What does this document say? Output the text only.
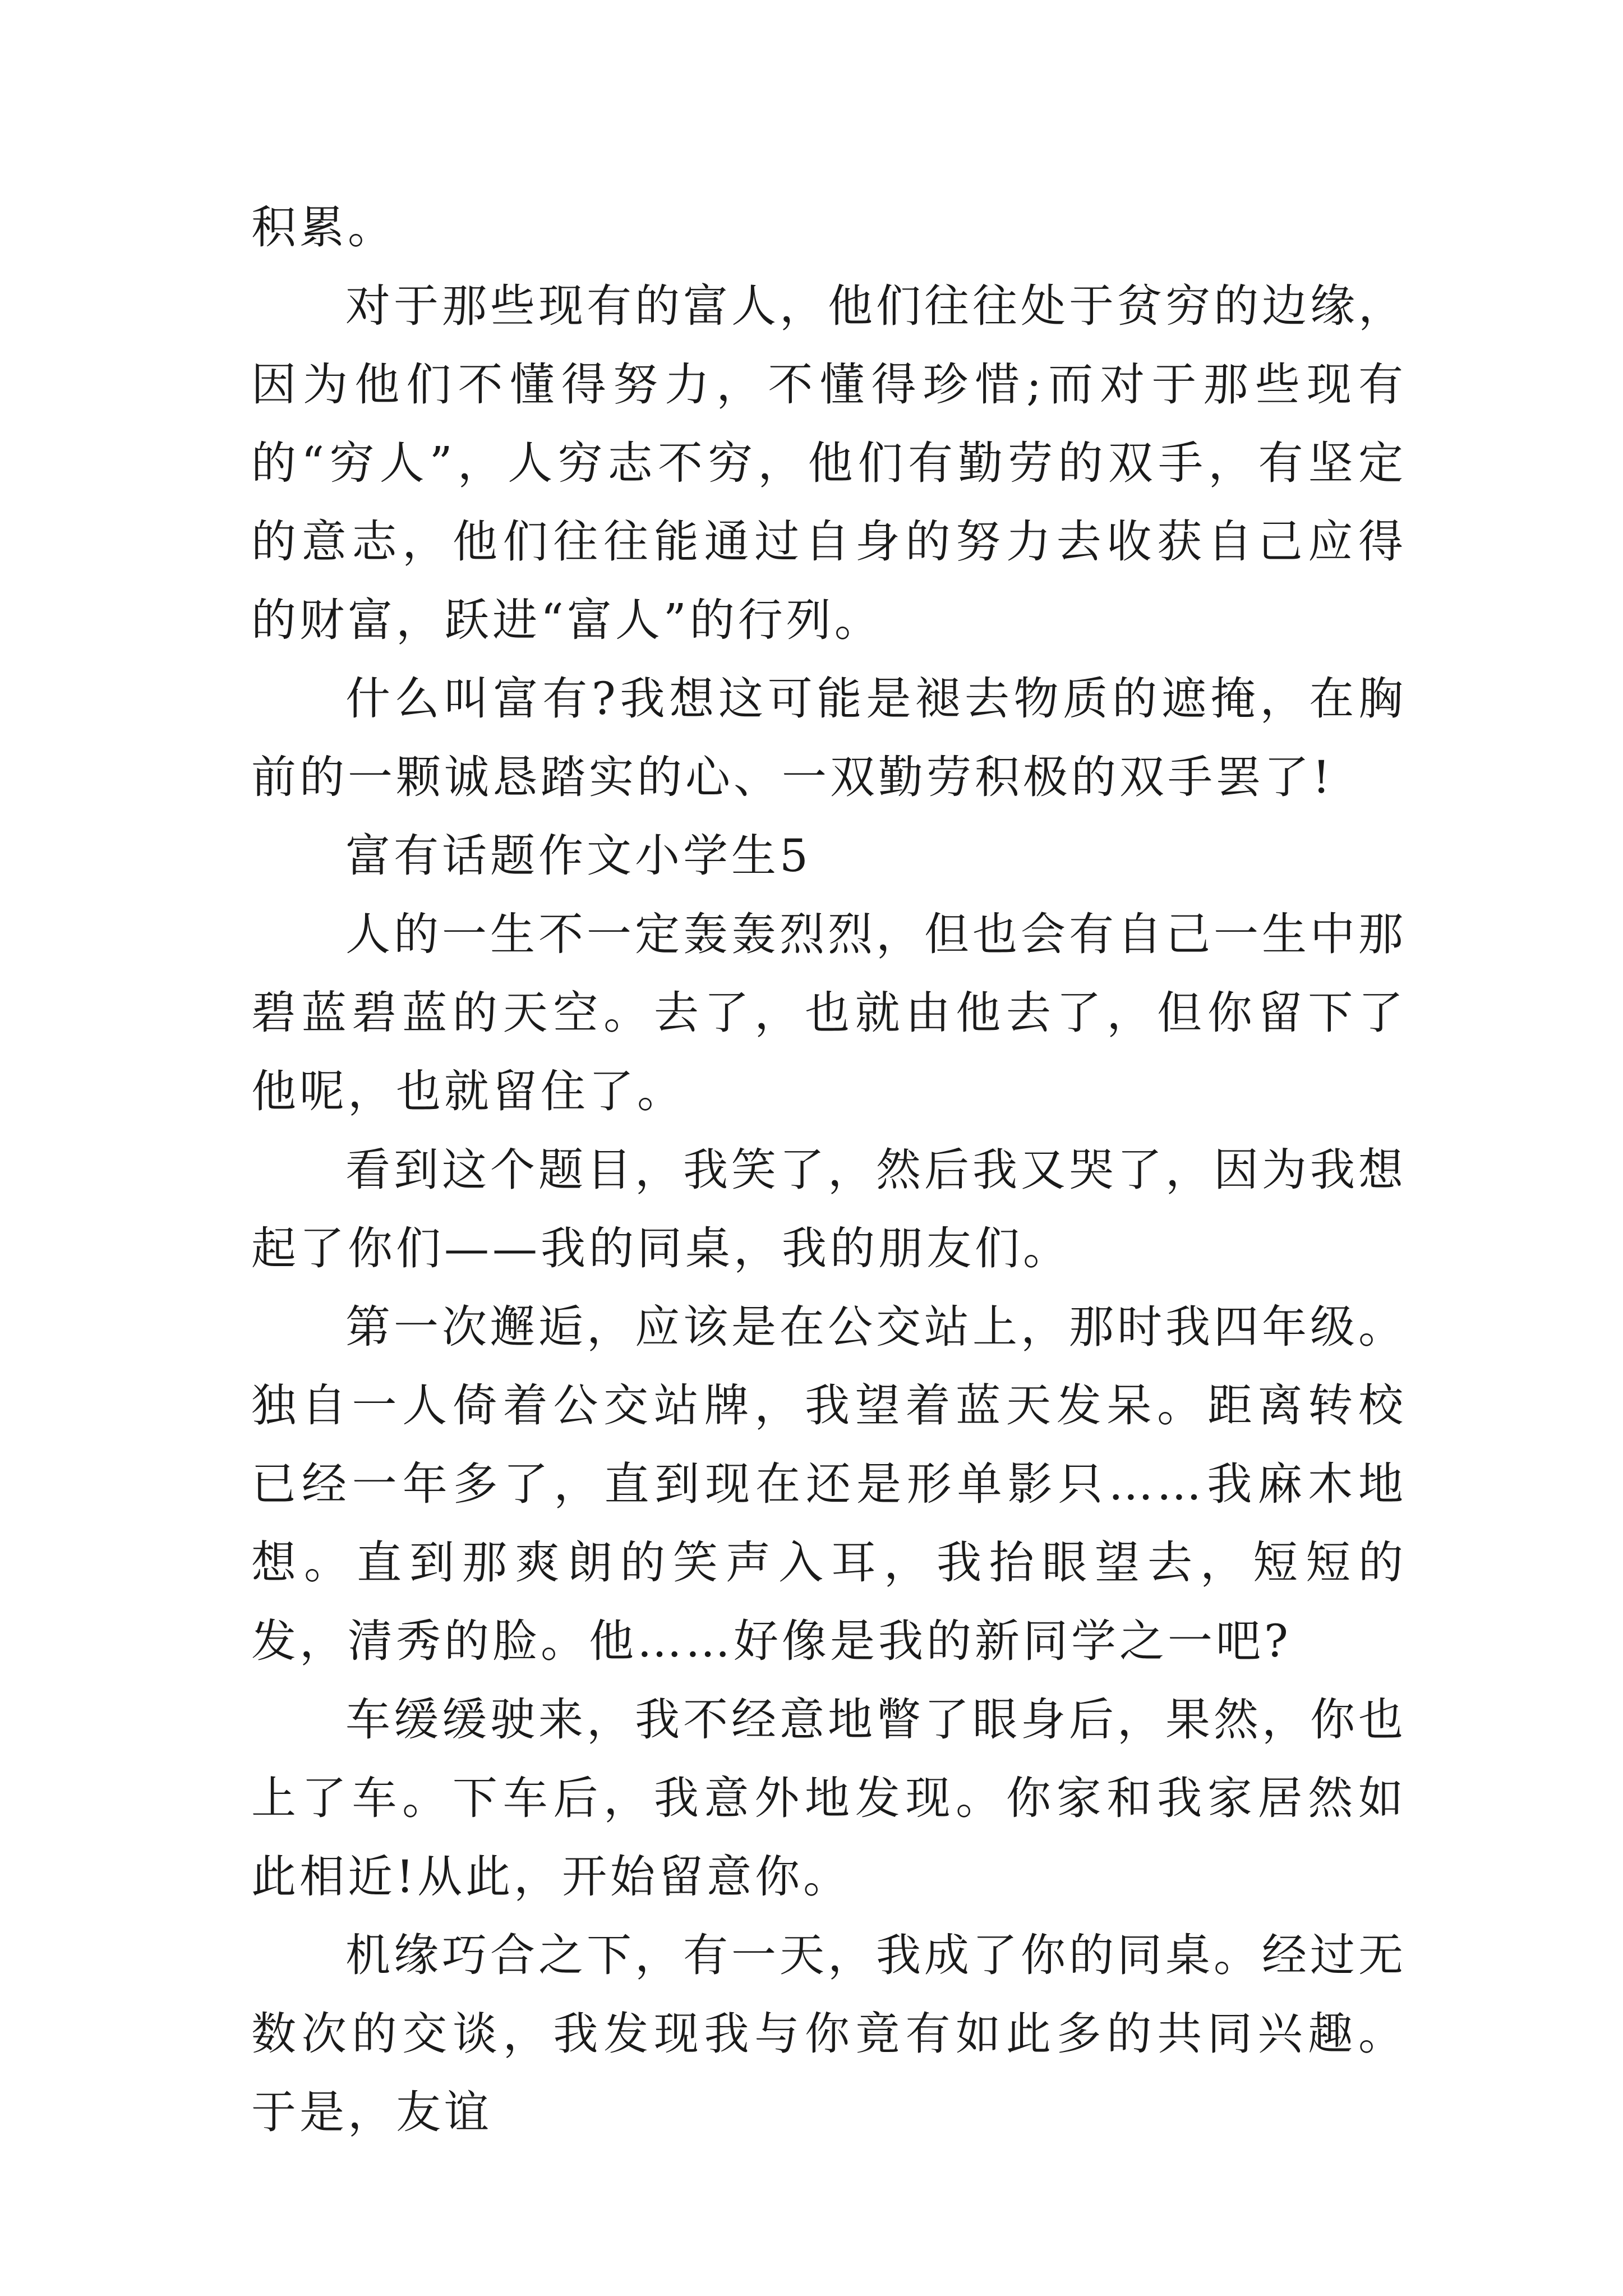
积累。

对于那些现有的富人，他们往往处于贫穷的边缘，因为他们不懂得努力，不懂得珍惜;而对于那些现有的“穷人”，人穷志不穷，他们有勤劳的双手，有坚定的意志，他们往往能通过自身的努力去收获自己应得的财富，跃进“富人”的行列。

什么叫富有?我想这可能是褪去物质的遮掩，在胸前的一颗诚恳踏实的心、一双勤劳积极的双手罢了!

富有话题作文小学生5

人的一生不一定轰轰烈烈，但也会有自己一生中那碧蓝碧蓝的天空。去了，也就由他去了，但你留下了他呢，也就留住了。

看到这个题目，我笑了，然后我又哭了，因为我想起了你们——我的同桌，我的朋友们。

第一次邂逅，应该是在公交站上，那时我四年级。独自一人倚着公交站牌，我望着蓝天发呆。距离转校已经一年多了，直到现在还是形单影只……我麻木地想。直到那爽朗的笑声入耳，我抬眼望去，短短的发，清秀的脸。他……好像是我的新同学之一吧?

车缓缓驶来，我不经意地瞥了眼身后，果然，你也上了车。下车后，我意外地发现。你家和我家居然如此相近!从此，开始留意你。

机缘巧合之下，有一天，我成了你的同桌。经过无数次的交谈，我发现我与你竟有如此多的共同兴趣。于是，友谊
